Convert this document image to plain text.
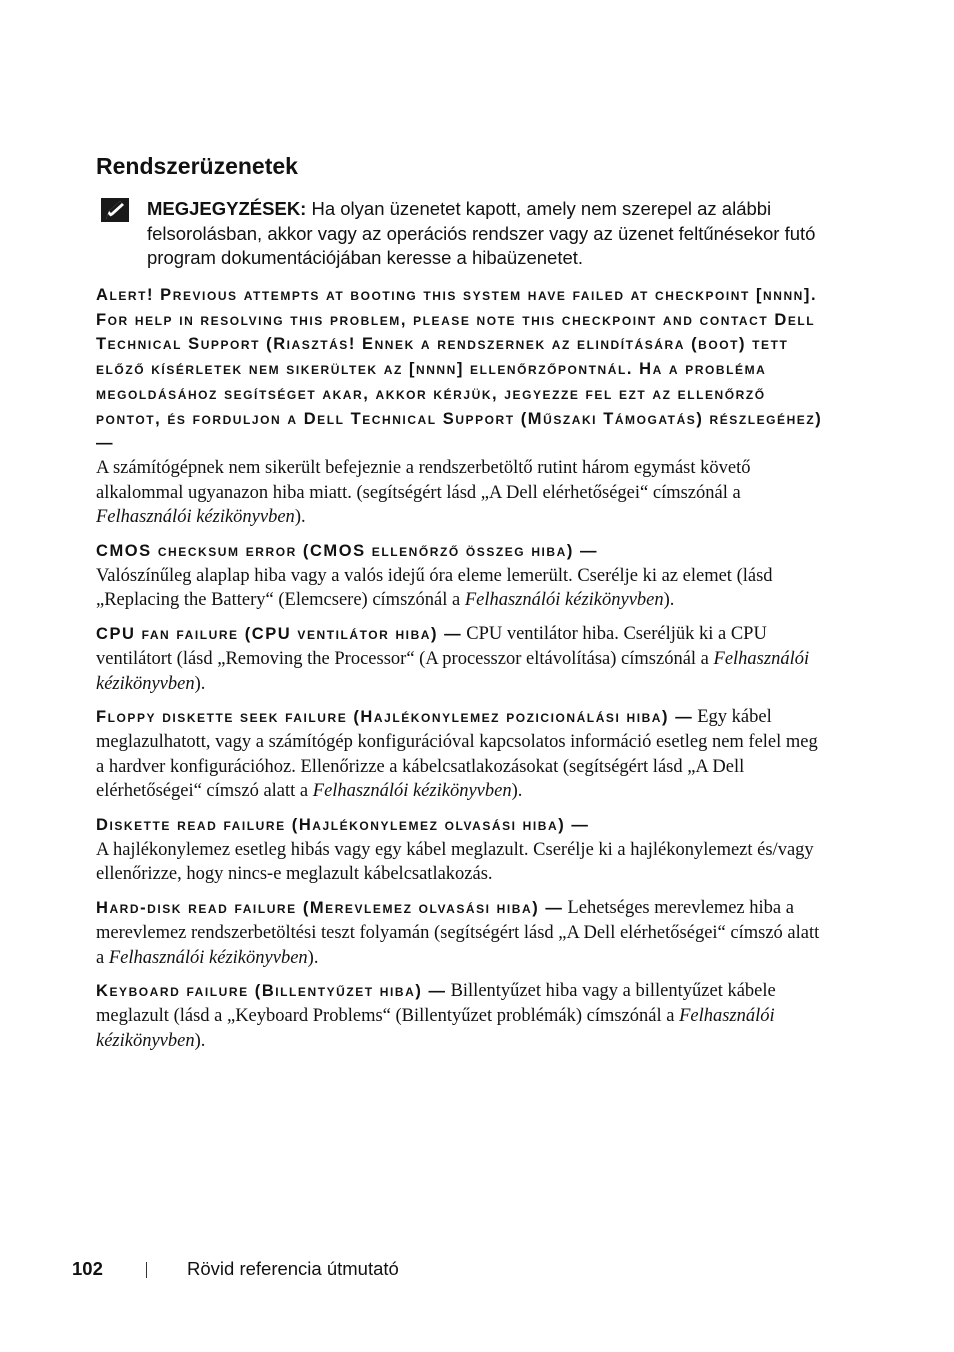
Rendszerüzenetek
MEGJEGYZÉSEK: Ha olyan üzenetet kapott, amely nem szerepel az alábbi felsorolásban, akkor vagy az operációs rendszer vagy az üzenet feltűnésekor futó program dokumentációjában keresse a hibaüzenetet.
Alert! Previous attempts at booting this system have failed at checkpoint [nnnn]. For help in resolving this problem, please note this checkpoint and contact Dell Technical Support (Riasztás! Ennek a rendszernek az elindítására (boot) tett előző kísérletek nem sikerültek az [nnnn] ellenőrzőpontnál. Ha a probléma megoldásához segítséget akar, akkor kérjük, jegyezze fel ezt az ellenőrző pontot, és forduljon a Dell Technical Support (Műszaki Támogatás) részlegéhez) —
A számítógépnek nem sikerült befejeznie a rendszerbetöltő rutint három egymást követő alkalommal ugyanazon hiba miatt. (segítségért lásd „A Dell elérhetőségei“ címszónál a Felhasználói kézikönyvben).
CMOS checksum error (CMOS ellenőrző összeg hiba) —
Valószínűleg alaplap hiba vagy a valós idejű óra eleme lemerült. Cserélje ki az elemet (lásd „Replacing the Battery“ (Elemcsere) címszónál a Felhasználói kézikönyvben).
CPU fan failure (CPU ventilátor hiba) — CPU ventilátor hiba. Cseréljük ki a CPU ventilátort (lásd „Removing the Processor“ (A processzor eltávolítása) címszónál a Felhasználói kézikönyvben).
Floppy diskette seek failure (Hajlékonylemez pozicionálási hiba) — Egy kábel meglazulhatott, vagy a számítógép konfigurációval kapcsolatos információ esetleg nem felel meg a hardver konfigurációhoz. Ellenőrizze a kábelcsatlakozásokat (segítségért lásd „A Dell elérhetőségei“ címszó alatt a Felhasználói kézikönyvben).
Diskette read failure (Hajlékonylemez olvasási hiba) —
A hajlékonylemez esetleg hibás vagy egy kábel meglazult. Cserélje ki a hajlékonylemezt és/vagy ellenőrizze, hogy nincs-e meglazult kábelcsatlakozás.
Hard-disk read failure (Merevlemez olvasási hiba) — Lehetséges merevlemez hiba a merevlemez rendszerbetöltési teszt folyamán (segítségért lásd „A Dell elérhetőségei“ címszó alatt a Felhasználói kézikönyvben).
Keyboard failure (Billentyűzet hiba) — Billentyűzet hiba vagy a billentyűzet kábele meglazult (lásd a „Keyboard Problems“ (Billentyűzet problémák) címszónál a Felhasználói kézikönyvben).
102	Rövid referencia útmutató
